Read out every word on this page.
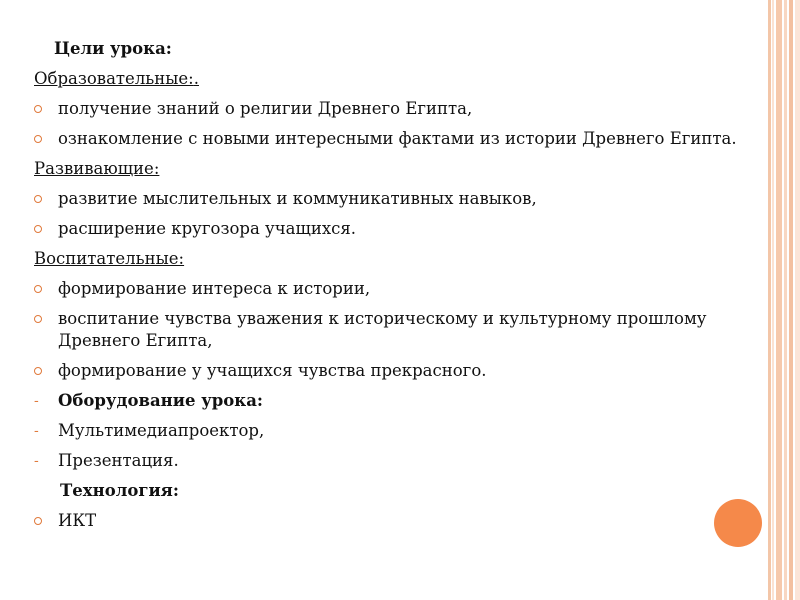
Цели урока:
Образовательные:.
получение знаний о религии Древнего Египта,
ознакомление с новыми интересными фактами из истории Древнего Египта.
Развивающие:
развитие мыслительных и коммуникативных навыков,
расширение кругозора учащихся.
Воспитательные:
формирование интереса к истории,
воспитание чувства уважения к историческому и культурному прошлому Древнего Египта,
формирование у учащихся чувства прекрасного.
- Оборудование урока:
- Мультимедиапроектор,
- Презентация.
Технология:
ИКТ
